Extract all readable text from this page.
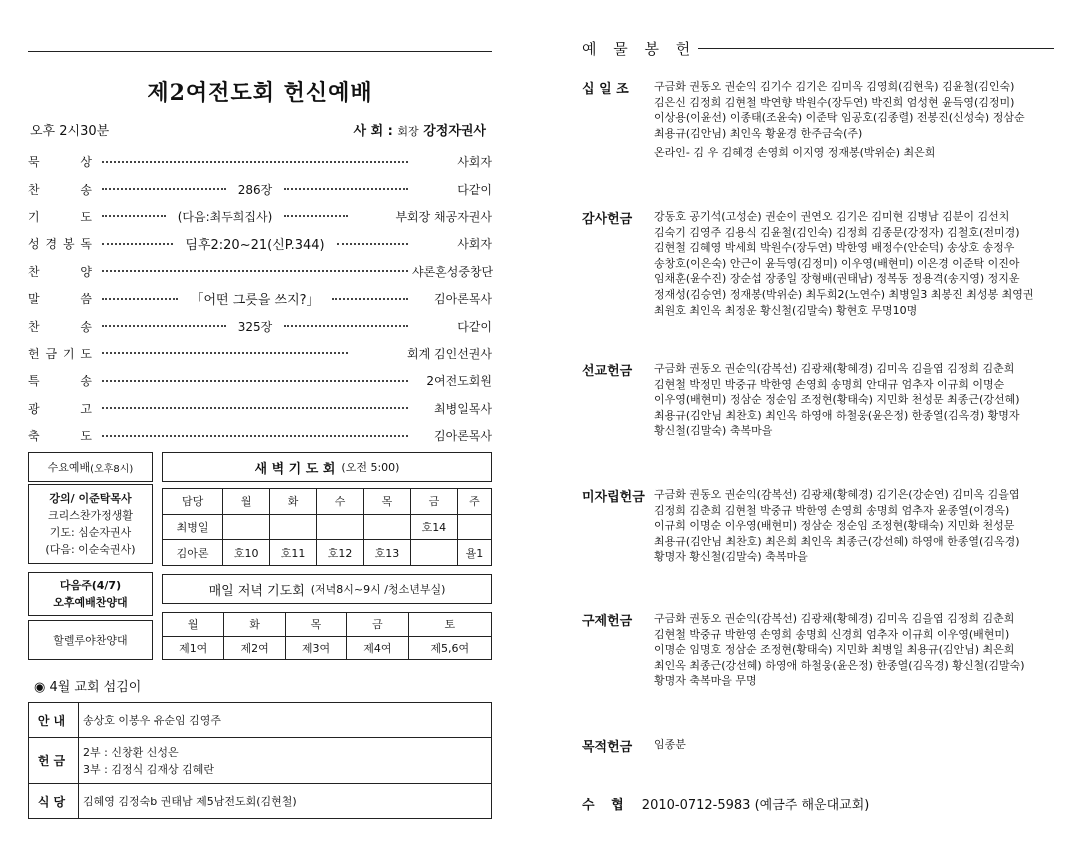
제2여전도회 헌신예배
오후 2시30분	사 회 : 회장 강정자권사
묵	상	사회자
찬	송	286장	다같이
기	도	(다음:최두희집사)	부회장 채공자권사
성 경 봉 독	딤후2:20~21(신P.344)	사회자
찬	양	샤론혼성중창단
말	씀	「어떤 그릇을 쓰지?」	김아론목사
찬	송	325장	다같이
헌 금 기 도	회계 김인선권사
특	송	2여전도회원
광	고	최병일목사
축	도	김아론목사
수요예배 (오후8시)
강의/ 이준탁목사
크리스찬가정생활
기도: 심순자권사
(다음: 이순숙권사)
새 벽 기 도 회 (오전 5:00)
담당	월	화	수	목	금	주
최병일					호14	
김아론	호10	호11	호12	호13		욜1
다음주(4/7)
오후예배찬양대
할렐루야찬양대
매일 저녁 기도회 (저녁8시~9시 /청소년부실)
월	화	목	금	토
제1여	제2여	제3여	제4여	제5,6여
◉ 4월 교회 섬김이
안내	송상호 이봉우 유순임 김영주

헌금	2부 : 신창환 신성은
3부 : 김정식 김재상 김혜란

식당	김혜영 김정숙b 권태남 제5남전도회(김현철)
예 물 봉 헌
십 일 조	구금화 권동오 권순익 김기수 김기은 김미옥 김영희(김현욱) 김윤철(김인숙)
김은신 김정희 김현철 박연향 박원수(장두연) 박진희 엄성현 윤득영(김정미)
이상용(이윤선) 이종태(조윤숙) 이준탁 임공호(김종렬) 전봉진(신성숙) 정삼순
최용규(김안님) 최인옥 황윤경 한주금숙(주)
온라인- 김 우 김혜경 손영희 이지영 정재봉(박위순) 최은희
감사헌금	강동호 공기석(고성순) 권순이 권연오 김기은 김미현 김병남 김분이 김선치
김숙기 김영주 김용식 김윤철(김인숙) 김정희 김종문(강정자) 김철호(전미경)
김현철 김혜영 박세희 박원수(장두연) 박한영 배정수(안순덕) 송상호 송정우
송창호(이은숙) 안근이 윤득영(김정미) 이우영(배현미) 이은경 이준탁 이진아
임채훈(윤수진) 장순섭 장종일 장형배(권태남) 정복동 정용격(송지영) 정지운
정재성(김승연) 정재봉(박위순) 최두희2(노연수) 최병일3 최봉진 최성봉 최영권
최원호 최인옥 최정운 황신철(김말숙) 황현호 무명10명
선교헌금	구금화 권동오 권순익(감복선) 김광채(황혜경) 김미옥 김을엽 김정희 김춘희
김현철 박정민 박중규 박한영 손영희 송명희 안대규 엄추자 이규희 이명순
이우영(배현미) 정삼순 정순임 조정현(황태숙) 지민화 천성문 최종근(강선혜)
최용규(김안님 최찬호) 최인옥 하영애 하철웅(윤은정) 한종열(김옥경) 황명자
황신철(김말숙) 축복마을
미자립헌금 구금화 권동오 권순익(감복선) 김광채(황혜경) 김기은(강순연) 김미옥 김을엽
김정희 김춘희 김현철 박중규 박한영 손영희 송명희 엄추자 윤종열(이경옥)
이규희 이명순 이우영(배현미) 정삼순 정순임 조정현(황태숙) 지민화 천성문
최용규(김안님 최찬호) 최은희 최인옥 최종근(강선혜) 하영애 한종열(김옥경)
황명자 황신철(김말숙) 축복마을
구제헌금	구금화 권동오 권순익(감복선) 김광채(황혜경) 김미옥 김을엽 김정희 김춘희
김현철 박중규 박한영 손영희 송명희 신경희 엄추자 이규희 이우영(배현미)
이명순 임명호 정삼순 조정현(황태숙) 지민화 최병일 최용규(김안님) 최은희
최인옥 최종근(강선혜) 하영애 하철웅(윤은정) 한종열(김옥경) 황신철(김말숙)
황명자 축복마을 무명
목적헌금	임종분
수 협 2010-0712-5983 (예금주 해운대교회)
